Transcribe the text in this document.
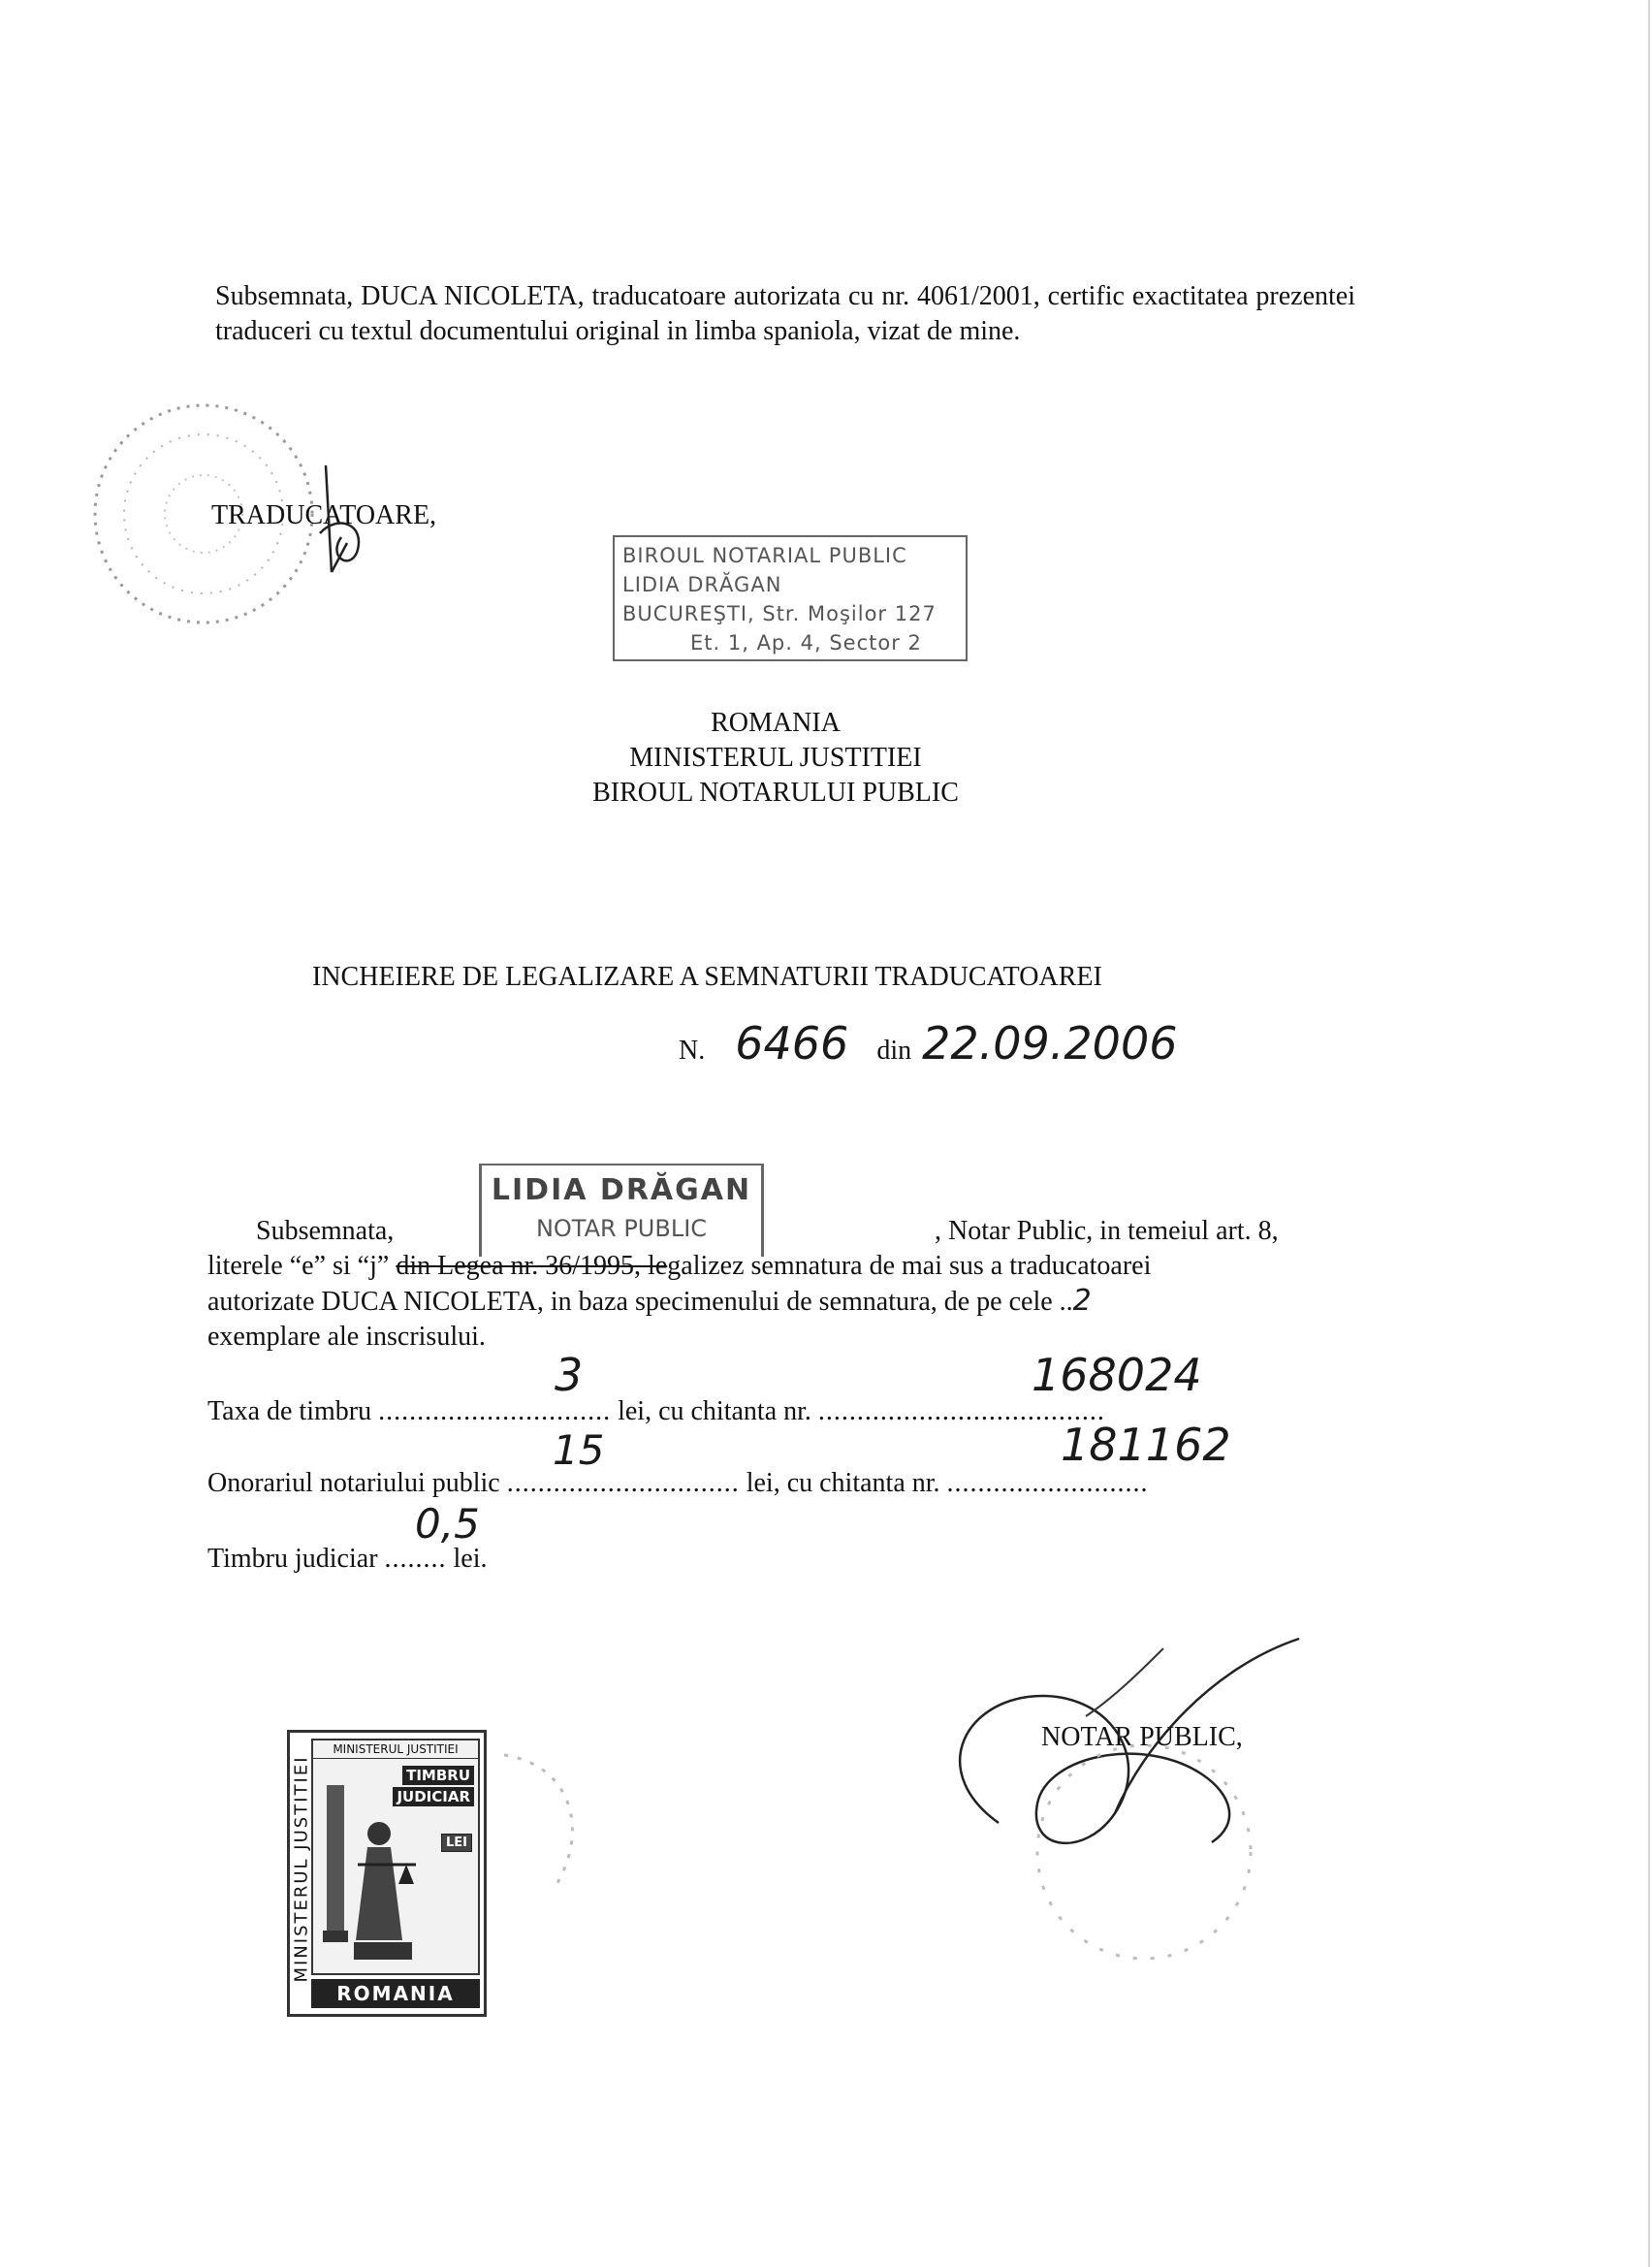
Subsemnata, DUCA NICOLETA, traducatoare autorizata cu nr. 4061/2001, certific exactitatea prezentei traduceri cu textul documentului original in limba spaniola, vizat de mine.
TRADUCATOARE,
BIROUL NOTARIAL PUBLIC
LIDIA DRĂGAN
BUCUREŞTI, Str. Moşilor 127
Et. 1, Ap. 4, Sector 2
ROMANIA
MINISTERUL JUSTITIEI
BIROUL NOTARULUI PUBLIC
INCHEIERE DE LEGALIZARE A SEMNATURII TRADUCATOAREI
N. 6466 din 22.09.2006
LIDIA DRĂGAN
NOTAR PUBLIC
Subsemnata,	, Notar Public, in temeiul art. 8,
literele “e” si “j” din Legea nr. 36/1995, legalizez semnatura de mai sus a traducatoarei
autorizate DUCA NICOLETA, in baza specimenului de semnatura, de pe cele ..2
exemplare ale inscrisului.
Taxa de timbru .............................. lei, cu chitanta nr. .....................................
3	168024
Onorariul notariului public .............................. lei, cu chitanta nr. ..........................
15	181162
Timbru judiciar ........ lei.
0,5
NOTAR PUBLIC,
MINISTERUL JUSTITIEI
MINISTERUL JUSTITIEI
TIMBRU
JUDICIAR
LEI
ROMANIA
